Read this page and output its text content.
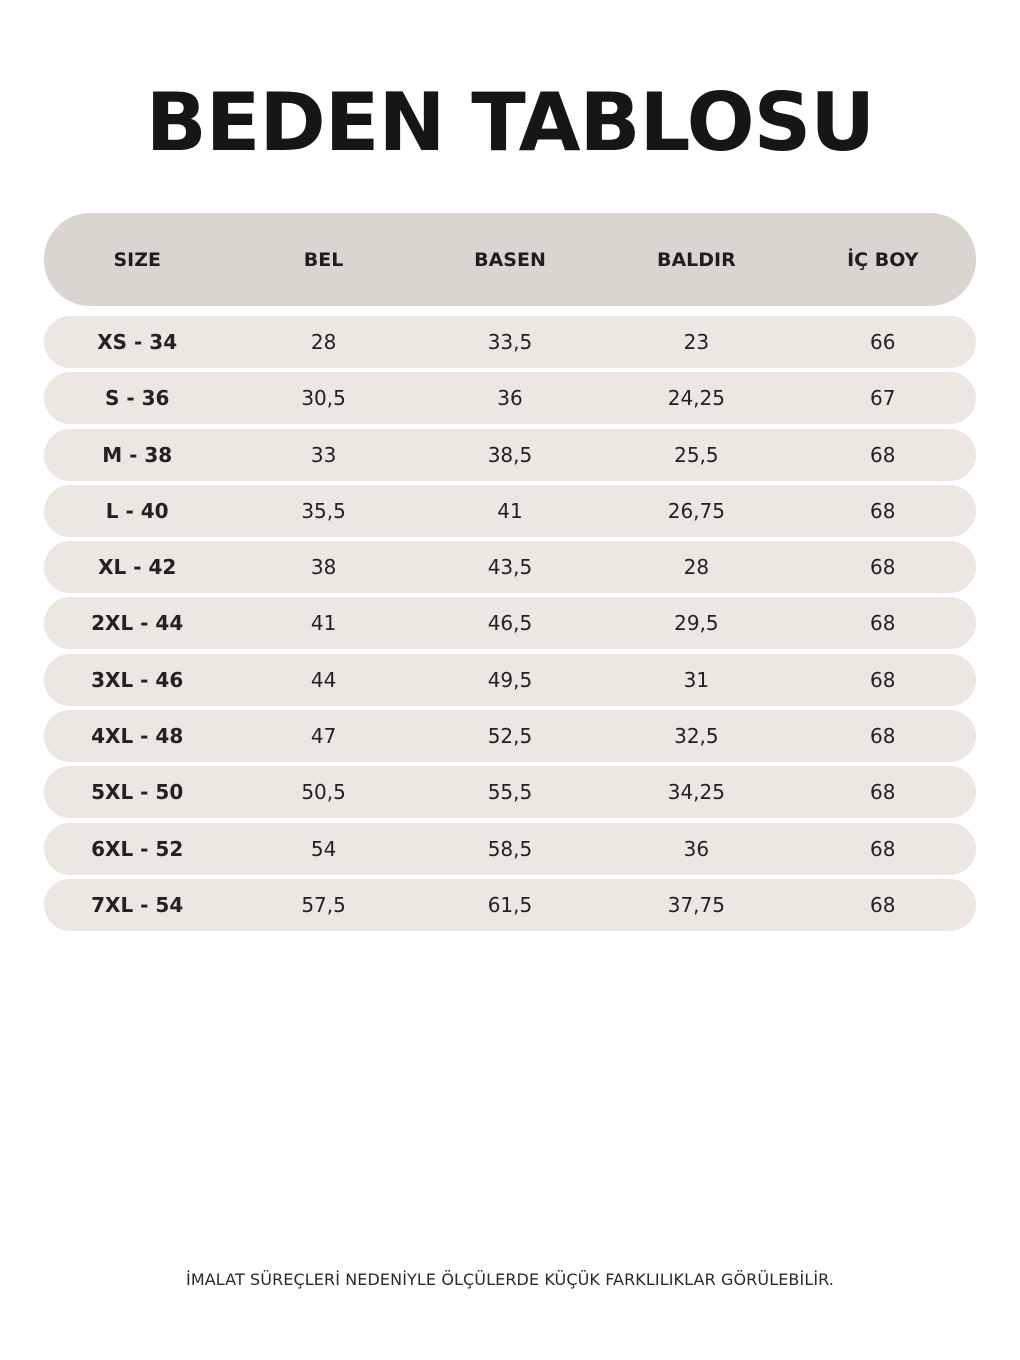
BEDEN TABLOSU
SIZE	BEL	BASEN	BALDIR	İÇ BOY
XS - 34	28	33,5	23	66
S - 36	30,5	36	24,25	67
M - 38	33	38,5	25,5	68
L - 40	35,5	41	26,75	68
XL - 42	38	43,5	28	68
2XL - 44	41	46,5	29,5	68
3XL - 46	44	49,5	31	68
4XL - 48	47	52,5	32,5	68
5XL - 50	50,5	55,5	34,25	68
6XL - 52	54	58,5	36	68
7XL - 54	57,5	61,5	37,75	68
İMALAT SÜREÇLERİ NEDENİYLE ÖLÇÜLERDE KÜÇÜK FARKLILIKLAR GÖRÜLEBİLİR.
